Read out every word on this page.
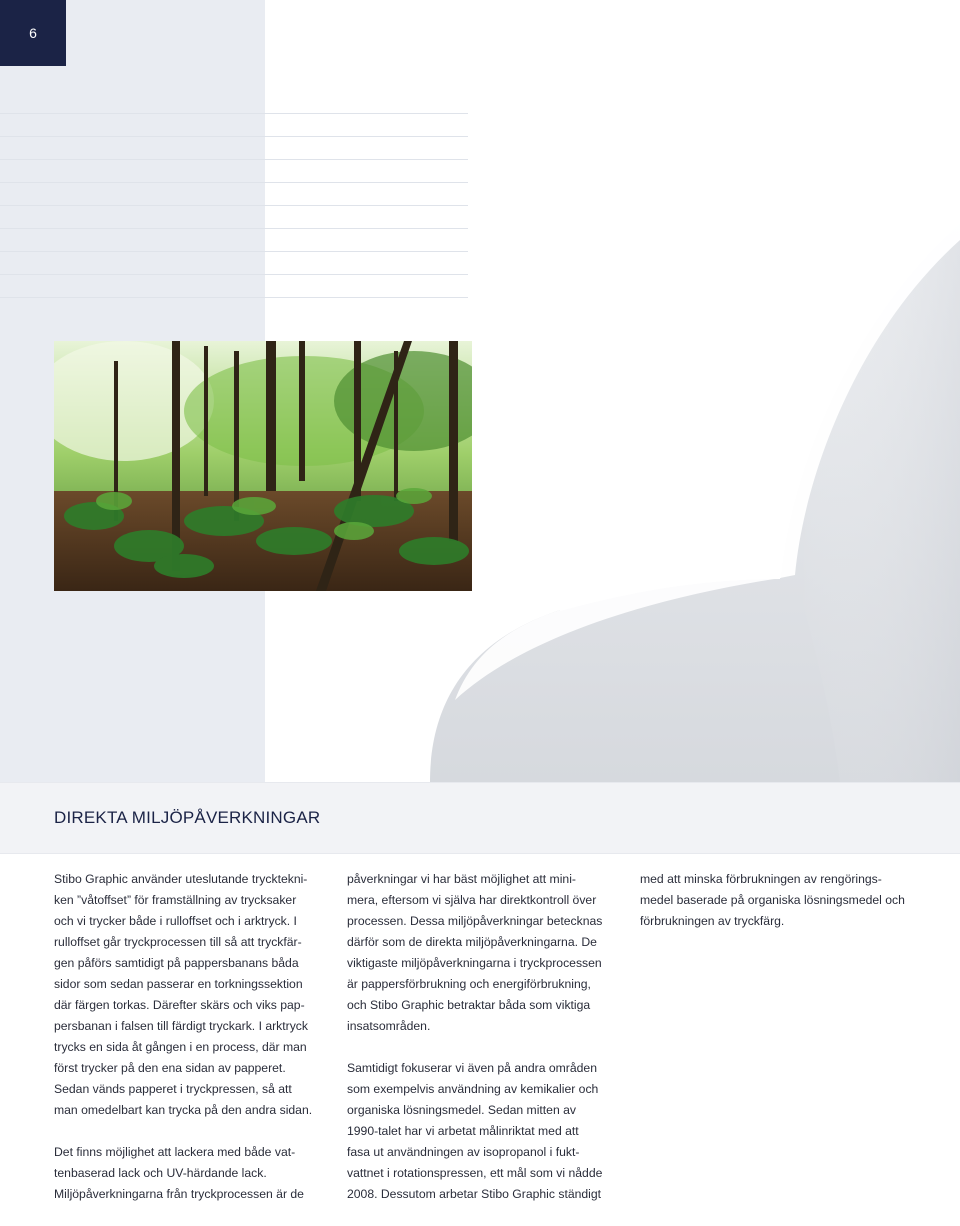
6
DIREKTA MILJÖPÅVERKNINGAR

Stibo Graphic använder uteslutande trycktekni-
ken ”våtoffset” för framställning av trycksaker
och vi trycker både i rulloffset och i arktryck. I
rulloffset går tryckprocessen till så att tryckfär-
gen påförs samtidigt på pappersbanans båda
sidor som sedan passerar en torkningssektion
där färgen torkas. Därefter skärs och viks pap-
persbanan i falsen till färdigt tryckark. I arktryck
trycks en sida åt gången i en process, där man
först trycker på den ena sidan av papperet.
Sedan vänds papperet i tryckpressen, så att
man omedelbart kan trycka på den andra sidan.

Det finns möjlighet att lackera med både vat-
tenbaserad lack och UV-härdande lack.
Miljöpåverkningarna från tryckprocessen är de

påverkningar vi har bäst möjlighet att mini-
mera, eftersom vi själva har direktkontroll över
processen. Dessa miljöpåverkningar betecknas
därför som de direkta miljöpåverkningarna. De
viktigaste miljöpåverkningarna i tryckprocessen
är pappersförbrukning och energiförbrukning,
och Stibo Graphic betraktar båda som viktiga
insatsområden.

Samtidigt fokuserar vi även på andra områden
som exempelvis användning av kemikalier och
organiska lösningsmedel. Sedan mitten av
1990-talet har vi arbetat målinriktat med att
fasa ut användningen av isopropanol i fukt-
vattnet i rotationspressen, ett mål som vi nådde
2008. Dessutom arbetar Stibo Graphic ständigt

med att minska förbrukningen av rengörings-
medel baserade på organiska lösningsmedel och
förbrukningen av tryckfärg.
